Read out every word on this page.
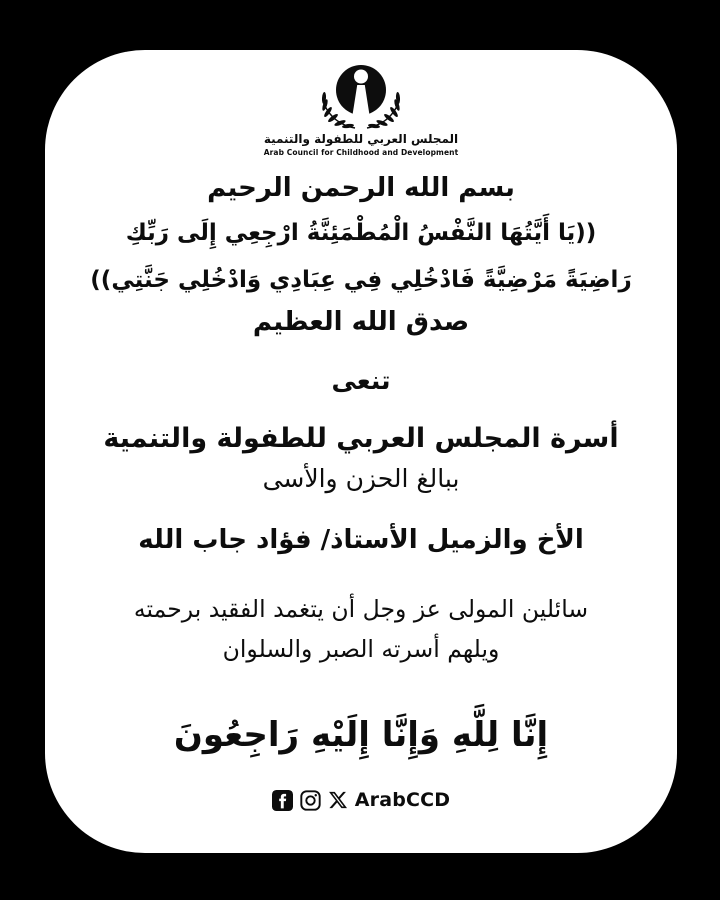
المجلس العربي للطفولة والتنمية
Arab Council for Childhood and Development
بسم الله الرحمن الرحيم
((يَا أَيَّتُهَا النَّفْسُ الْمُطْمَئِنَّةُ ارْجِعِي إِلَى رَبِّكِ
رَاضِيَةً مَرْضِيَّةً فَادْخُلِي فِي عِبَادِي وَادْخُلِي جَنَّتِي))
صدق الله العظيم
تنعى
أسرة المجلس العربي للطفولة والتنمية
ببالغ الحزن والأسى
الأخ والزميل الأستاذ/ فؤاد جاب الله
سائلين المولى عز وجل أن يتغمد الفقيد برحمته
ويلهم أسرته الصبر والسلوان
إِنَّا لِلَّهِ وَإِنَّا إِلَيْهِ رَاجِعُونَ
ArabCCD
